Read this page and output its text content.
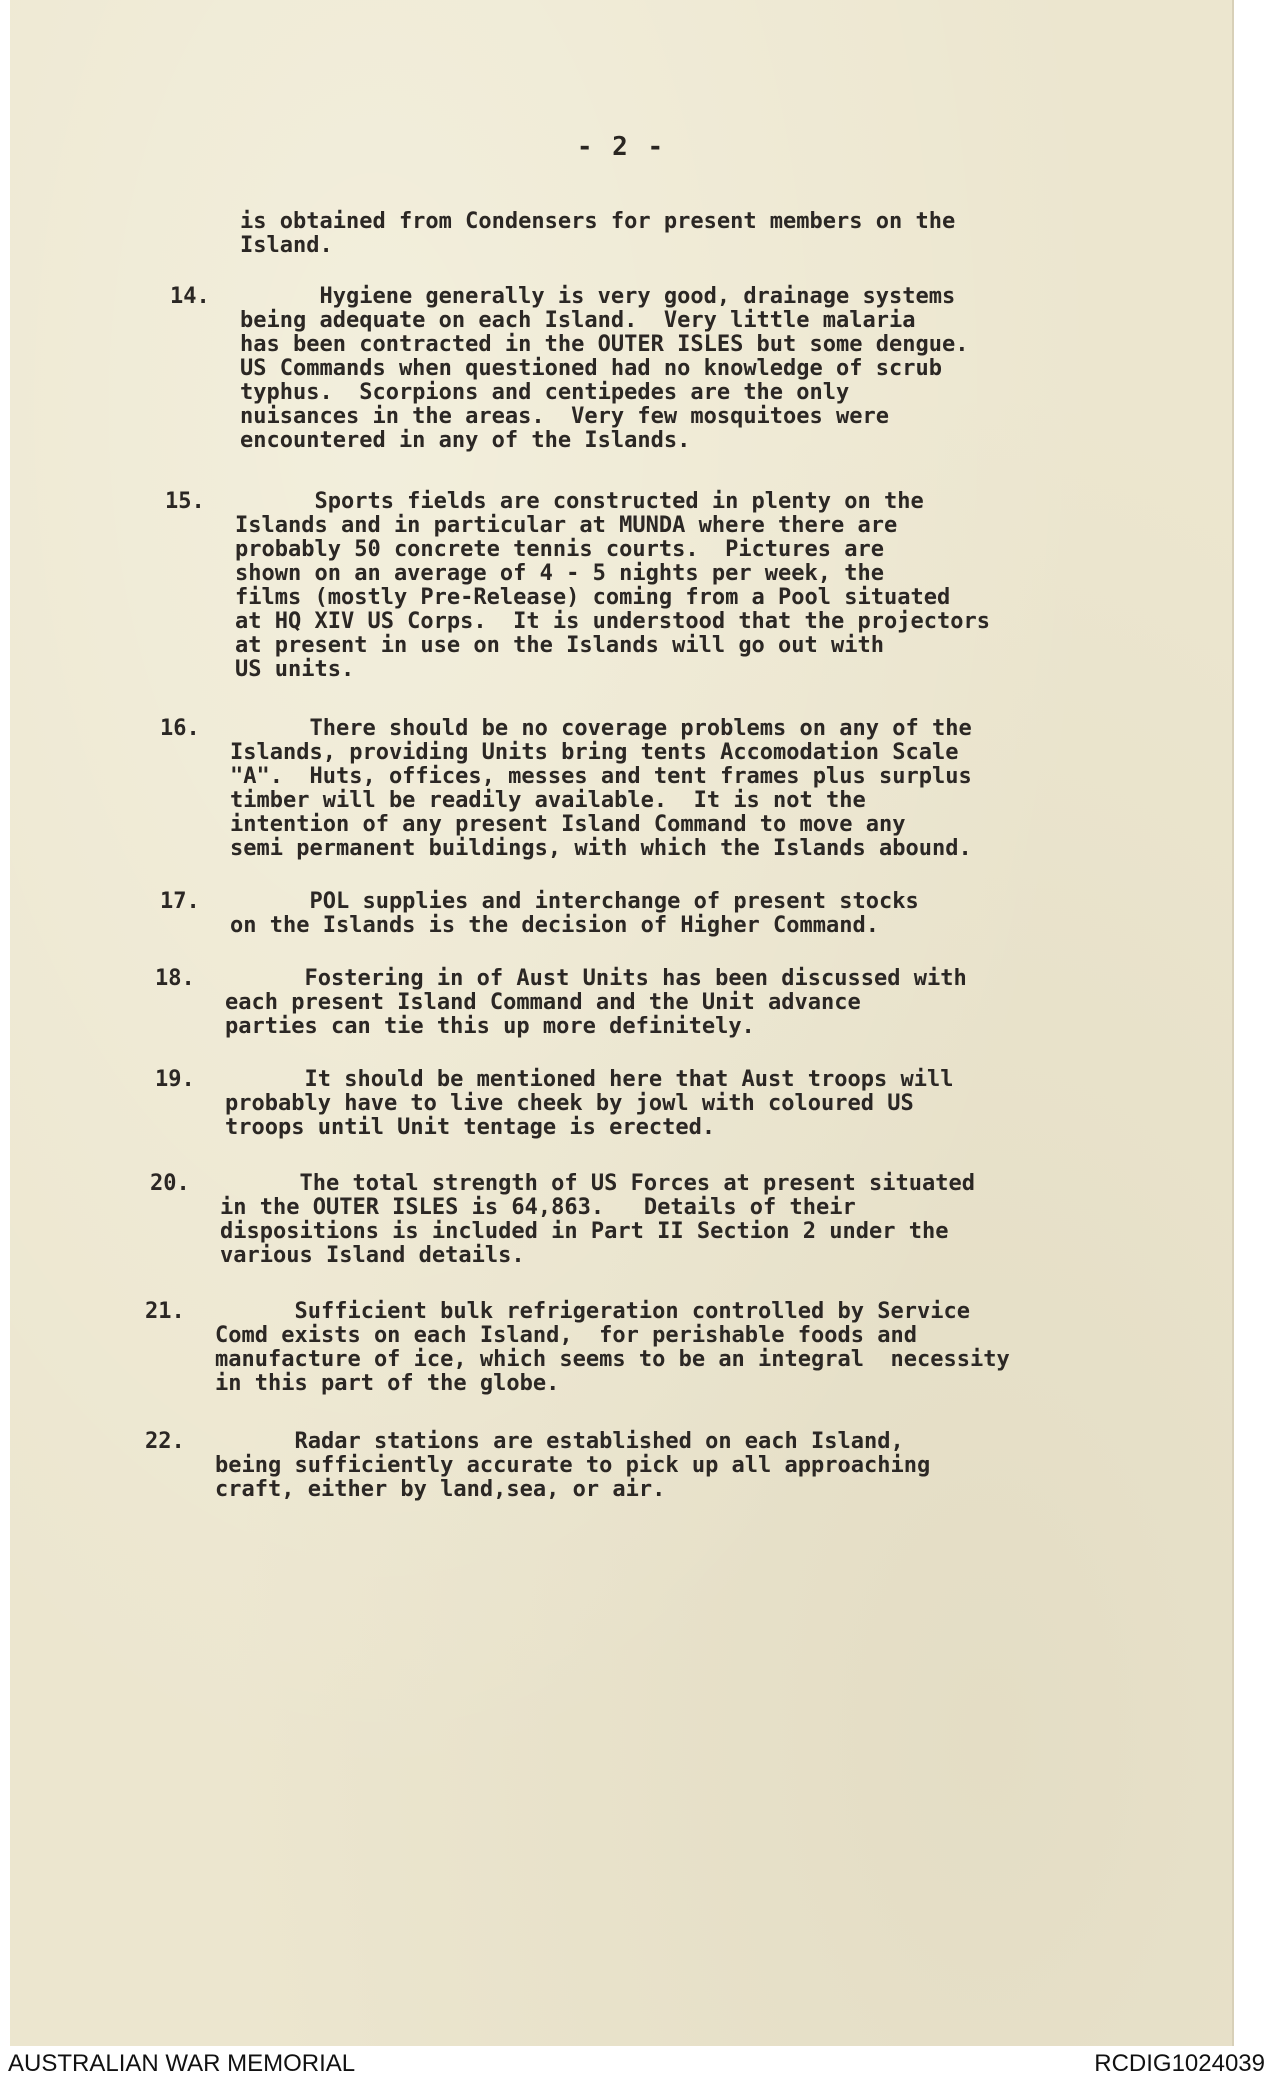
- 2 -
is obtained from Condensers for present members on the
Island.
14.	Hygiene generally is very good, drainage systems
being adequate on each Island.  Very little malaria
has been contracted in the OUTER ISLES but some dengue.
US Commands when questioned had no knowledge of scrub
typhus.  Scorpions and centipedes are the only
nuisances in the areas.  Very few mosquitoes were
encountered in any of the Islands.
15.	Sports fields are constructed in plenty on the
Islands and in particular at MUNDA where there are
probably 50 concrete tennis courts.  Pictures are
shown on an average of 4 - 5 nights per week, the
films (mostly Pre-Release) coming from a Pool situated
at HQ XIV US Corps.  It is understood that the projectors
at present in use on the Islands will go out with
US units.
16.	There should be no coverage problems on any of the
Islands, providing Units bring tents Accomodation Scale
"A".  Huts, offices, messes and tent frames plus surplus
timber will be readily available.  It is not the
intention of any present Island Command to move any
semi permanent buildings, with which the Islands abound.
17.	POL supplies and interchange of present stocks
on the Islands is the decision of Higher Command.
18.	Fostering in of Aust Units has been discussed with
each present Island Command and the Unit advance
parties can tie this up more definitely.
19.	It should be mentioned here that Aust troops will
probably have to live cheek by jowl with coloured US
troops until Unit tentage is erected.
20.	The total strength of US Forces at present situated
in the OUTER ISLES is 64,863.   Details of their
dispositions is included in Part II Section 2 under the
various Island details.
21.	Sufficient bulk refrigeration controlled by Service
Comd exists on each Island,  for perishable foods and
manufacture of ice, which seems to be an integral  necessity
in this part of the globe.
22.	Radar stations are established on each Island,
being sufficiently accurate to pick up all approaching
craft, either by land,sea, or air.
AUSTRALIAN WAR MEMORIAL	RCDIG1024039
